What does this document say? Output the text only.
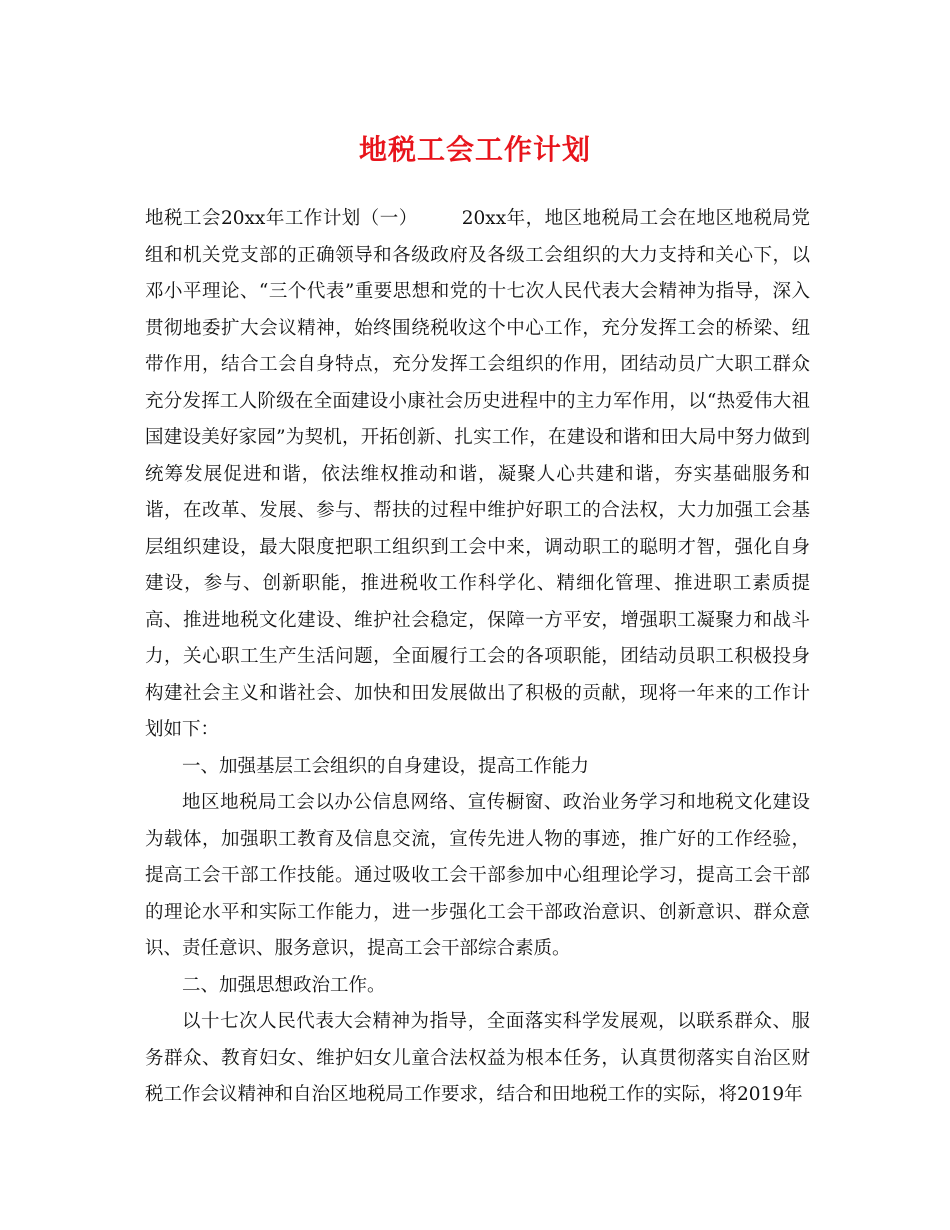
地税工会工作计划

地税工会20xx年工作计划（一） 20xx年，地区地税局工会在地区地税局党组和机关党支部的正确领导和各级政府及各级工会组织的大力支持和关心下，以邓小平理论、“三个代表”重要思想和党的十七次人民代表大会精神为指导，深入贯彻地委扩大会议精神，始终围绕税收这个中心工作，充分发挥工会的桥梁、纽带作用，结合工会自身特点，充分发挥工会组织的作用，团结动员广大职工群众充分发挥工人阶级在全面建设小康社会历史进程中的主力军作用，以“热爱伟大祖国建设美好家园”为契机，开拓创新、扎实工作，在建设和谐和田大局中努力做到统筹发展促进和谐，依法维权推动和谐，凝聚人心共建和谐，夯实基础服务和谐，在改革、发展、参与、帮扶的过程中维护好职工的合法权，大力加强工会基层组织建设，最大限度把职工组织到工会中来，调动职工的聪明才智，强化自身建设，参与、创新职能，推进税收工作科学化、精细化管理、推进职工素质提高、推进地税文化建设、维护社会稳定，保障一方平安，增强职工凝聚力和战斗力，关心职工生产生活问题，全面履行工会的各项职能，团结动员职工积极投身构建社会主义和谐社会、加快和田发展做出了积极的贡献，现将一年来的工作计划如下：

一、加强基层工会组织的自身建设，提高工作能力

地区地税局工会以办公信息网络、宣传橱窗、政治业务学习和地税文化建设为载体，加强职工教育及信息交流，宣传先进人物的事迹，推广好的工作经验，提高工会干部工作技能。通过吸收工会干部参加中心组理论学习，提高工会干部的理论水平和实际工作能力，进一步强化工会干部政治意识、创新意识、群众意识、责任意识、服务意识，提高工会干部综合素质。

二、加强思想政治工作。

以十七次人民代表大会精神为指导，全面落实科学发展观，以联系群众、服务群众、教育妇女、维护妇女儿童合法权益为根本任务，认真贯彻落实自治区财税工作会议精神和自治区地税局工作要求，结合和田地税工作的实际，将2019年
